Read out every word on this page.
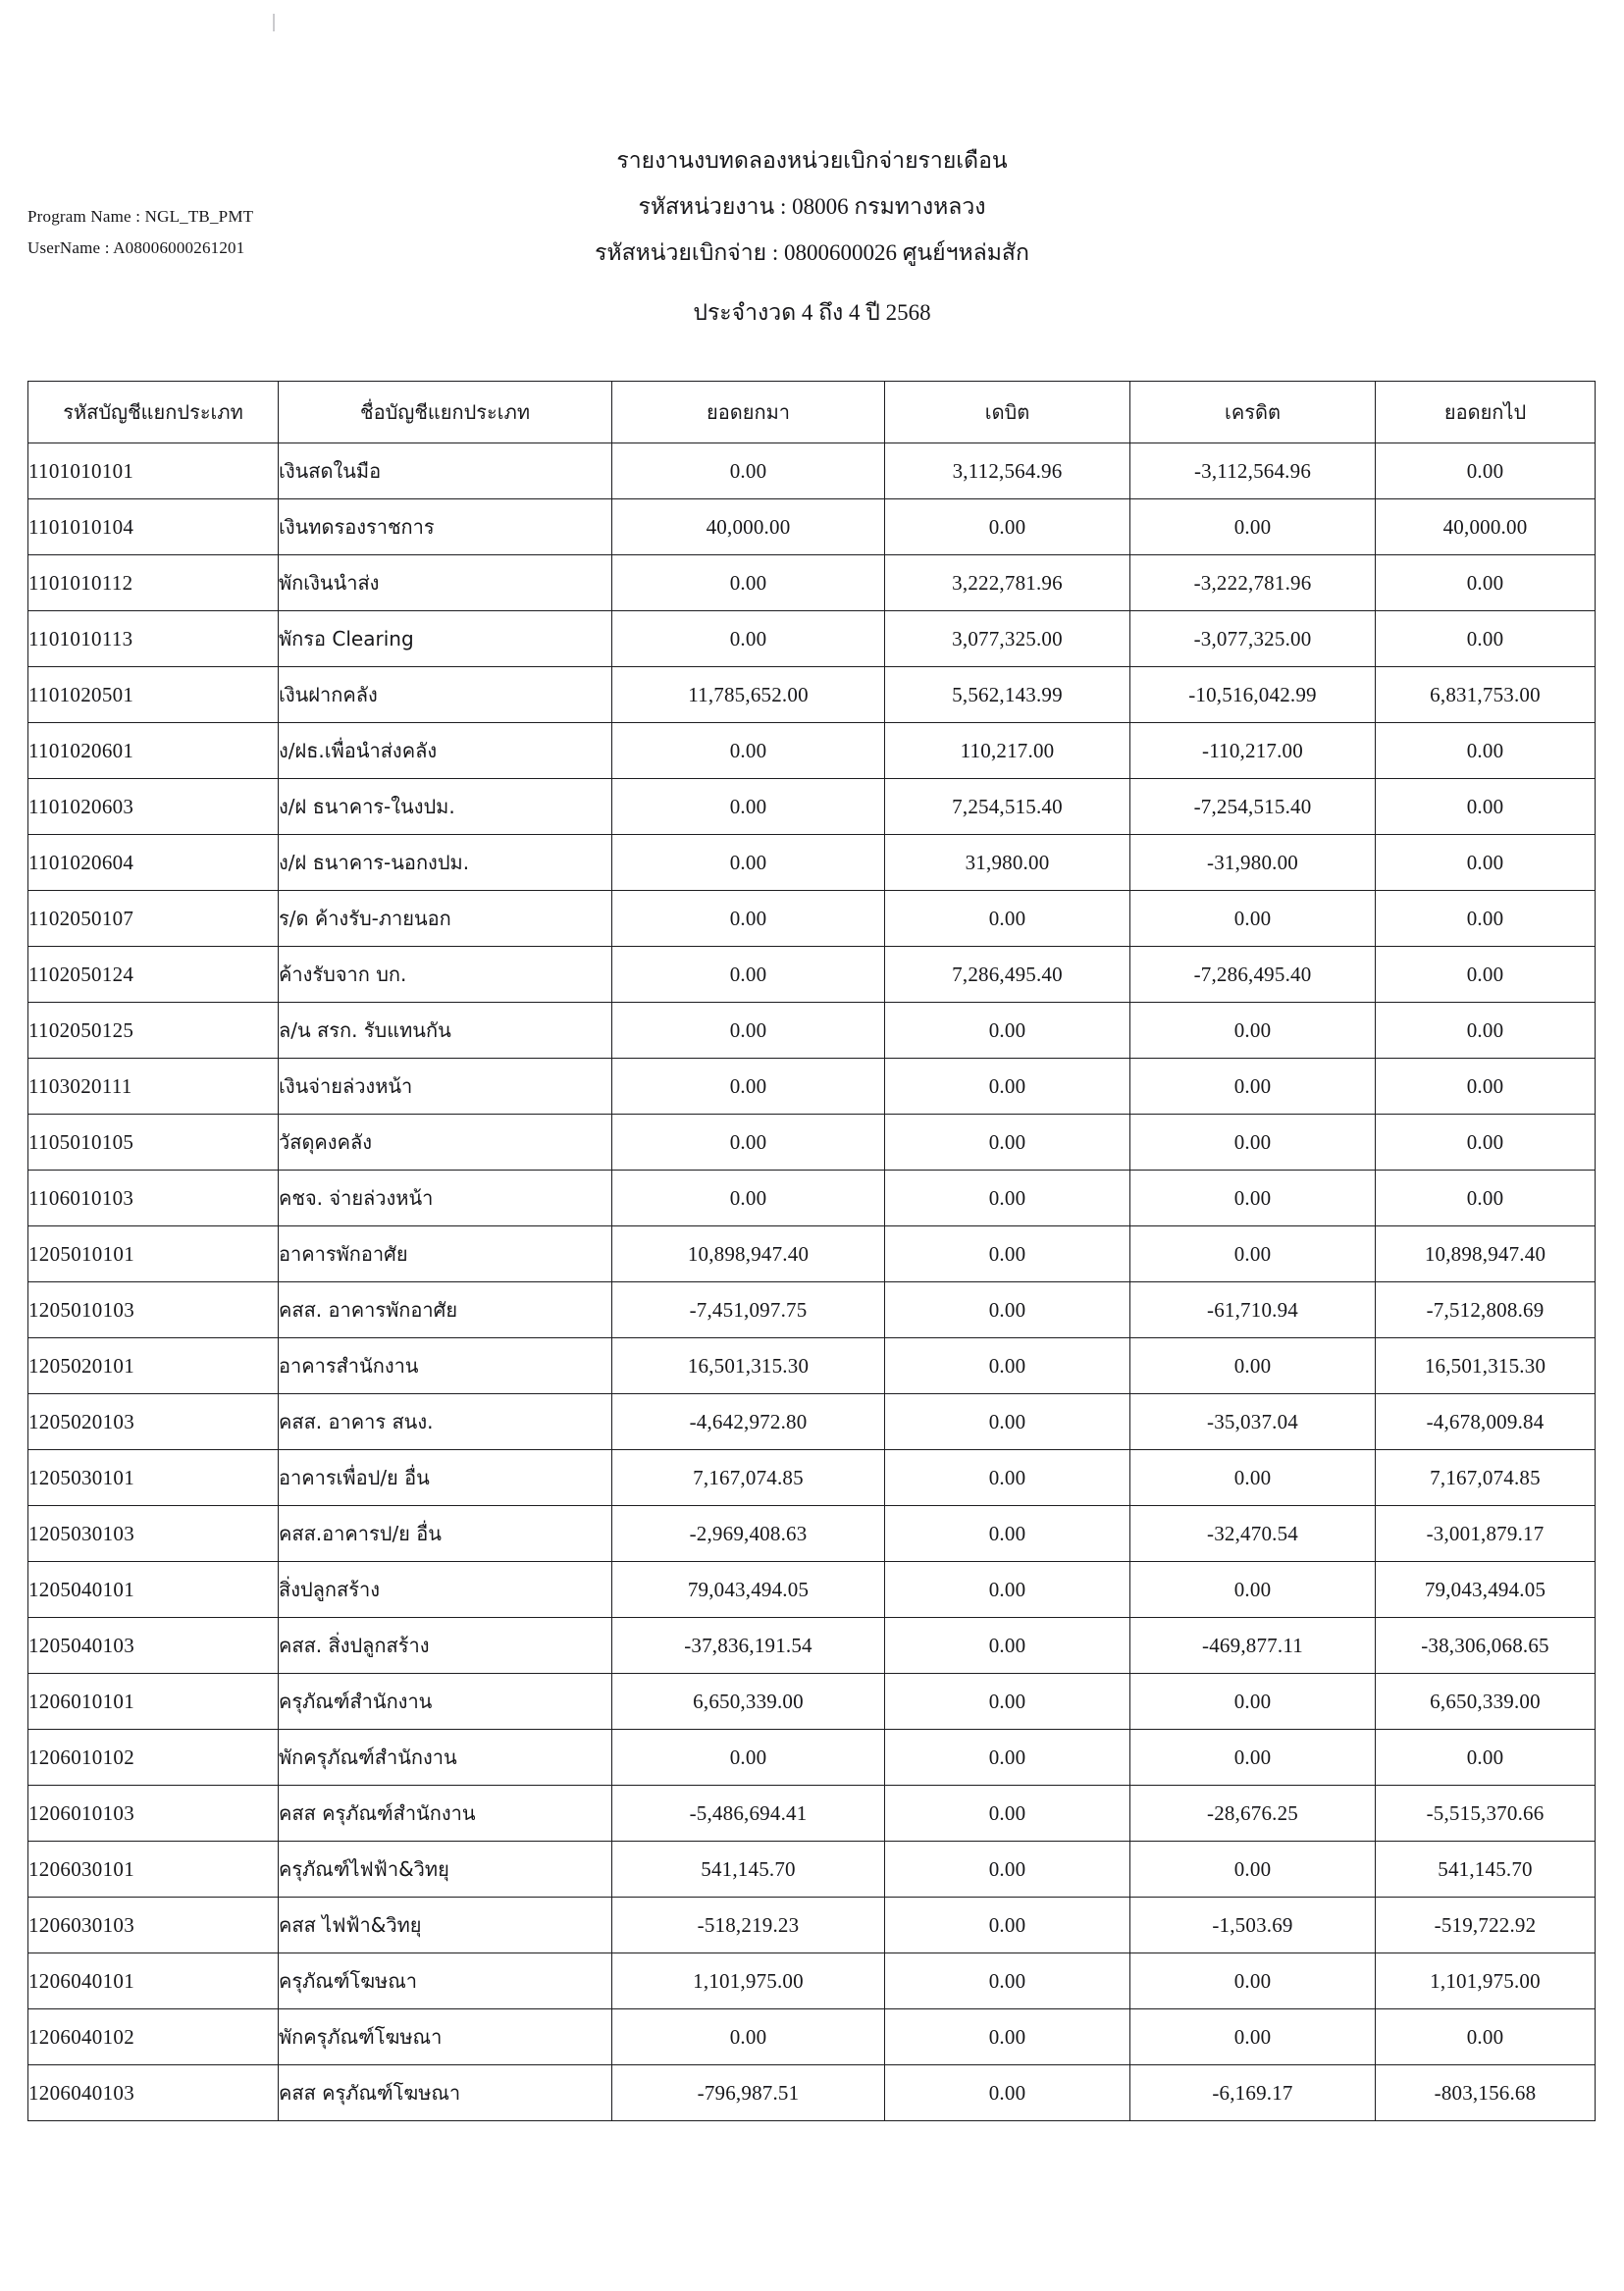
Program Name : NGL_TB_PMT
UserName : A08006000261201
รายงานงบทดลองหน่วยเบิกจ่ายรายเดือน
รหัสหน่วยงาน : 08006 กรมทางหลวง
รหัสหน่วยเบิกจ่าย : 0800600026 ศูนย์ฯหล่มสัก
ประจำงวด 4 ถึง 4 ปี 2568
รหัสบัญชีแยกประเภท	ชื่อบัญชีแยกประเภท	ยอดยกมา	เดบิต	เครดิต	ยอดยกไป
1101010101	เงินสดในมือ	0.00	3,112,564.96	-3,112,564.96	0.00
1101010104	เงินทดรองราชการ	40,000.00	0.00	0.00	40,000.00
1101010112	พักเงินนำส่ง	0.00	3,222,781.96	-3,222,781.96	0.00
1101010113	พักรอ Clearing	0.00	3,077,325.00	-3,077,325.00	0.00
1101020501	เงินฝากคลัง	11,785,652.00	5,562,143.99	-10,516,042.99	6,831,753.00
1101020601	ง/ฝธ.เพื่อนำส่งคลัง	0.00	110,217.00	-110,217.00	0.00
1101020603	ง/ฝ ธนาคาร-ในงปม.	0.00	7,254,515.40	-7,254,515.40	0.00
1101020604	ง/ฝ ธนาคาร-นอกงปม.	0.00	31,980.00	-31,980.00	0.00
1102050107	ร/ด ค้างรับ-ภายนอก	0.00	0.00	0.00	0.00
1102050124	ค้างรับจาก บก.	0.00	7,286,495.40	-7,286,495.40	0.00
1102050125	ล/น สรก. รับแทนกัน	0.00	0.00	0.00	0.00
1103020111	เงินจ่ายล่วงหน้า	0.00	0.00	0.00	0.00
1105010105	วัสดุคงคลัง	0.00	0.00	0.00	0.00
1106010103	คชจ. จ่ายล่วงหน้า	0.00	0.00	0.00	0.00
1205010101	อาคารพักอาศัย	10,898,947.40	0.00	0.00	10,898,947.40
1205010103	คสส. อาคารพักอาศัย	-7,451,097.75	0.00	-61,710.94	-7,512,808.69
1205020101	อาคารสำนักงาน	16,501,315.30	0.00	0.00	16,501,315.30
1205020103	คสส. อาคาร สนง.	-4,642,972.80	0.00	-35,037.04	-4,678,009.84
1205030101	อาคารเพื่อป/ย อื่น	7,167,074.85	0.00	0.00	7,167,074.85
1205030103	คสส.อาคารป/ย อื่น	-2,969,408.63	0.00	-32,470.54	-3,001,879.17
1205040101	สิ่งปลูกสร้าง	79,043,494.05	0.00	0.00	79,043,494.05
1205040103	คสส. สิ่งปลูกสร้าง	-37,836,191.54	0.00	-469,877.11	-38,306,068.65
1206010101	ครุภัณฑ์สำนักงาน	6,650,339.00	0.00	0.00	6,650,339.00
1206010102	พักครุภัณฑ์สำนักงาน	0.00	0.00	0.00	0.00
1206010103	คสส ครุภัณฑ์สำนักงาน	-5,486,694.41	0.00	-28,676.25	-5,515,370.66
1206030101	ครุภัณฑ์ไฟฟ้า&วิทยุ	541,145.70	0.00	0.00	541,145.70
1206030103	คสส ไฟฟ้า&วิทยุ	-518,219.23	0.00	-1,503.69	-519,722.92
1206040101	ครุภัณฑ์โฆษณา	1,101,975.00	0.00	0.00	1,101,975.00
1206040102	พักครุภัณฑ์โฆษณา	0.00	0.00	0.00	0.00
1206040103	คสส ครุภัณฑ์โฆษณา	-796,987.51	0.00	-6,169.17	-803,156.68
